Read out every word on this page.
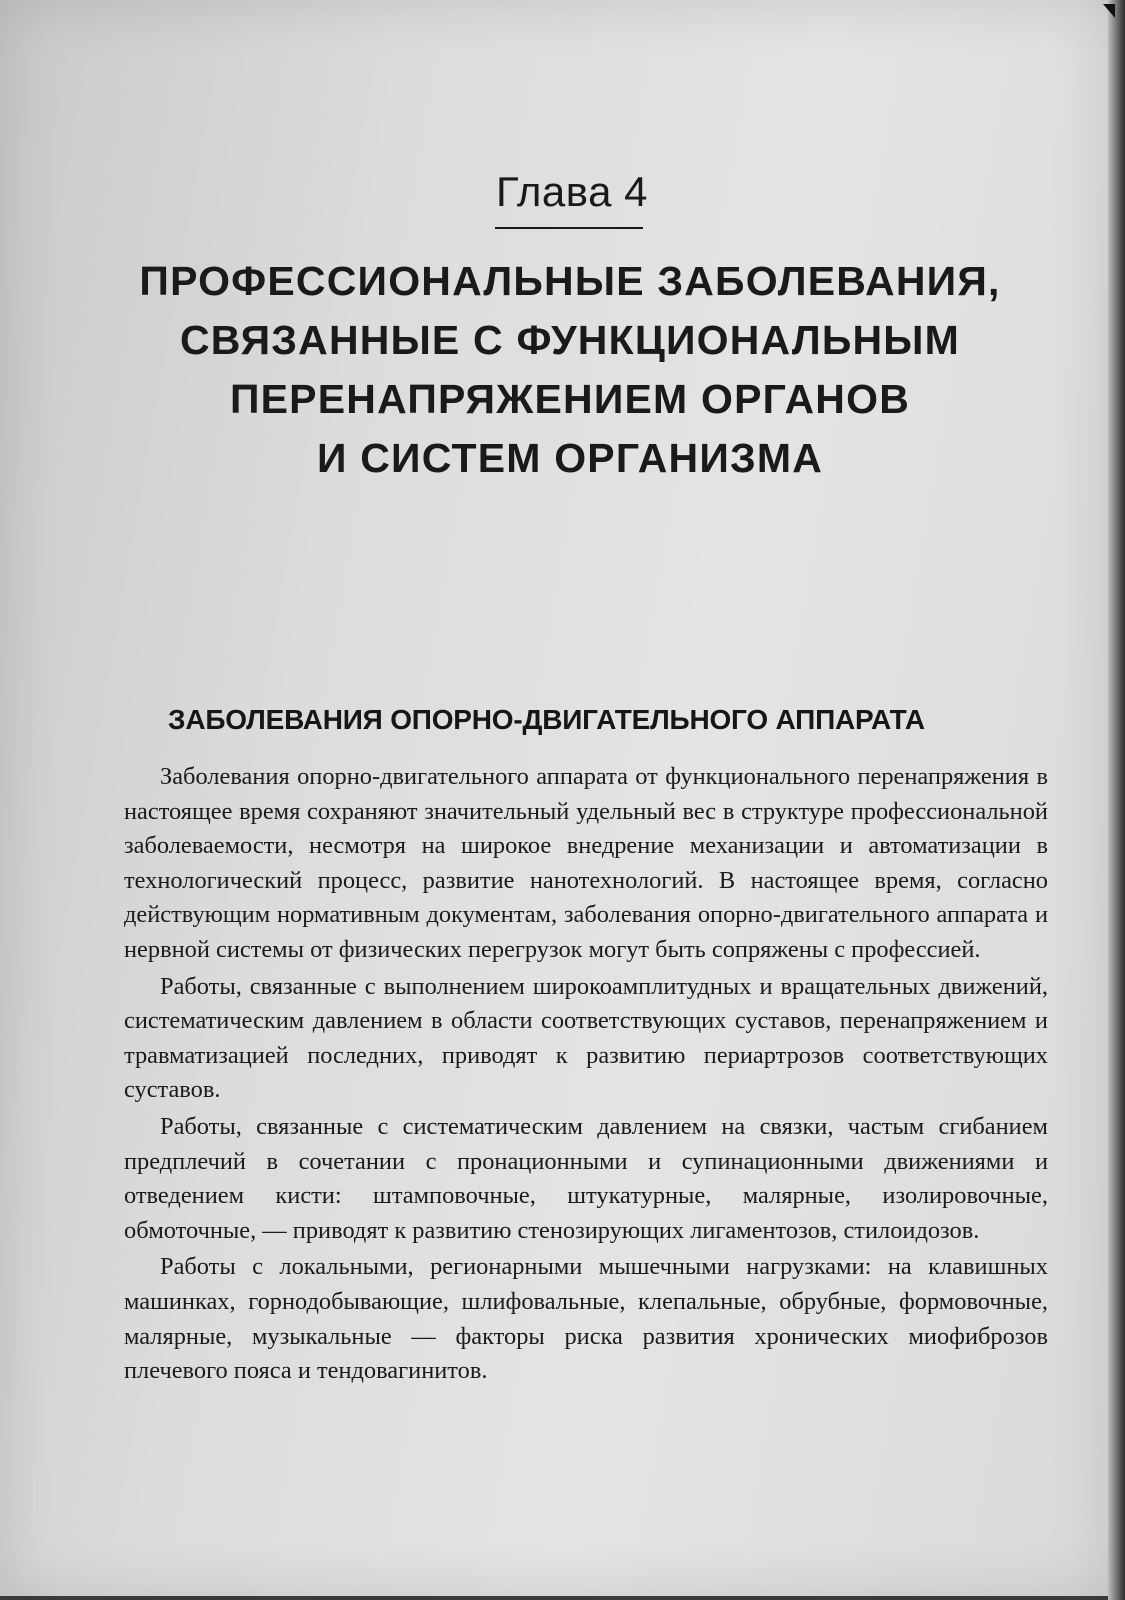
Глава 4
ПРОФЕССИОНАЛЬНЫЕ ЗАБОЛЕВАНИЯ,
СВЯЗАННЫЕ С ФУНКЦИОНАЛЬНЫМ
ПЕРЕНАПРЯЖЕНИЕМ ОРГАНОВ
И СИСТЕМ ОРГАНИЗМА
ЗАБОЛЕВАНИЯ ОПОРНО-ДВИГАТЕЛЬНОГО АППАРАТА

Заболевания опорно-двигательного аппарата от функционального перенапряжения в настоящее время сохраняют значительный удельный вес в структуре профессиональной заболеваемости, несмотря на широкое внедрение механизации и автоматизации в технологический процесс, развитие нанотехнологий. В настоящее время, согласно действующим нормативным документам, заболевания опорно-двигательного аппарата и нервной системы от физических перегрузок могут быть сопряжены с профессией.

Работы, связанные с выполнением широкоамплитудных и вращательных движений, систематическим давлением в области соответствующих суставов, перенапряжением и травматизацией последних, приводят к развитию периартрозов соответствующих суставов.

Работы, связанные с систематическим давлением на связки, частым сгибанием предплечий в сочетании с пронационными и супинационными движениями и отведением кисти: штамповочные, штукатурные, малярные, изолировочные, обмоточные, — приводят к развитию стенозирующих лигаментозов, стилоидозов.

Работы с локальными, регионарными мышечными нагрузками: на клавишных машинках, горнодобывающие, шлифовальные, клепальные, обрубные, формовочные, малярные, музыкальные — факторы риска развития хронических миофиброзов плечевого пояса и тендовагинитов.
